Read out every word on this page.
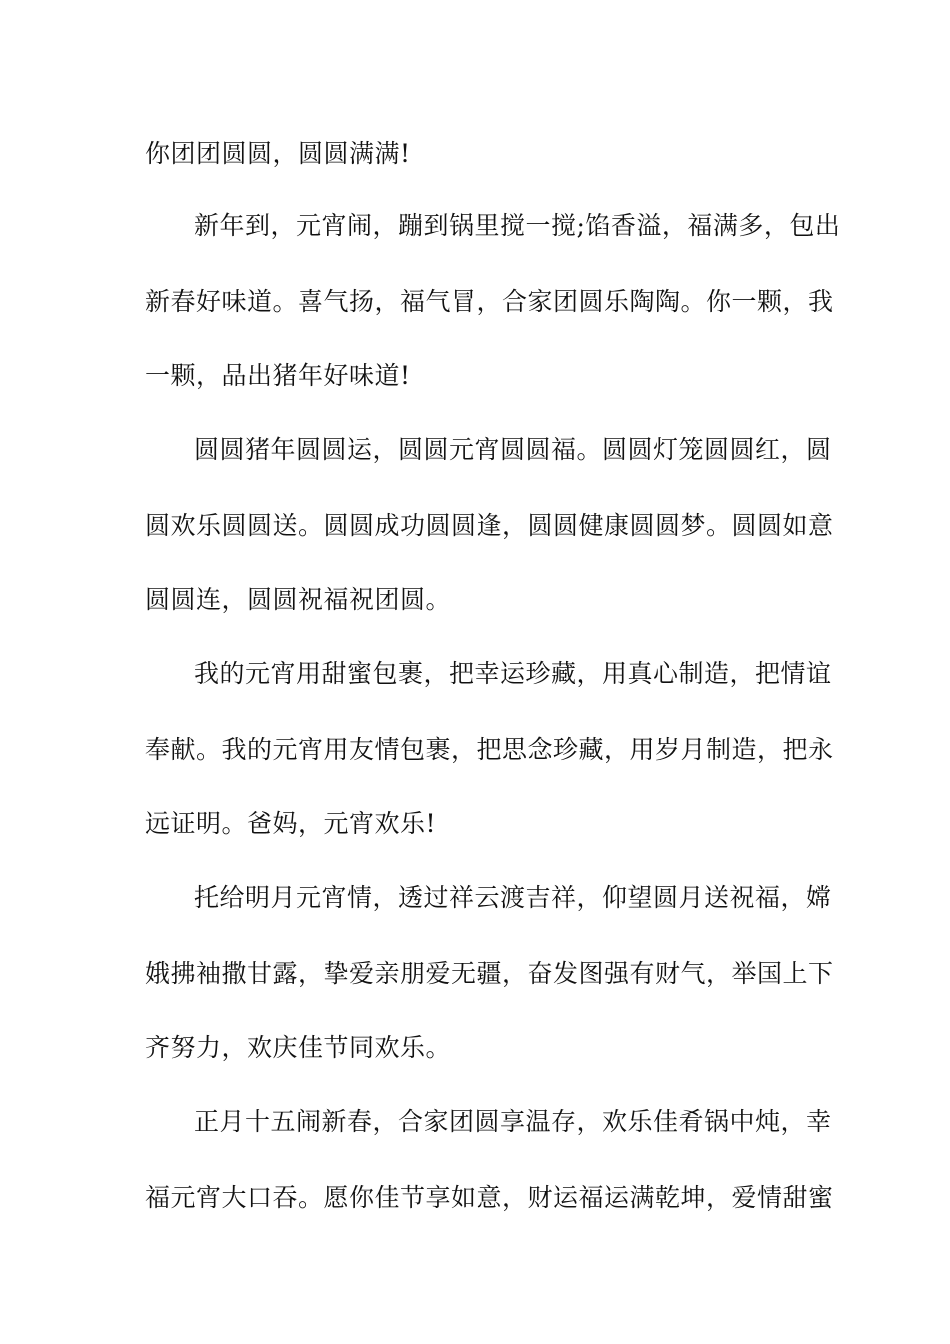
你团团圆圆，圆圆满满!
新年到，元宵闹，蹦到锅里搅一搅;馅香溢，福满多，包出
新春好味道。喜气扬，福气冒，合家团圆乐陶陶。你一颗，我
一颗，品出猪年好味道!
圆圆猪年圆圆运，圆圆元宵圆圆福。圆圆灯笼圆圆红，圆
圆欢乐圆圆送。圆圆成功圆圆逢，圆圆健康圆圆梦。圆圆如意
圆圆连，圆圆祝福祝团圆。
我的元宵用甜蜜包裹，把幸运珍藏，用真心制造，把情谊
奉献。我的元宵用友情包裹，把思念珍藏，用岁月制造，把永
远证明。爸妈，元宵欢乐!
托给明月元宵情，透过祥云渡吉祥，仰望圆月送祝福，嫦
娥拂袖撒甘露，挚爱亲朋爱无疆，奋发图强有财气，举国上下
齐努力，欢庆佳节同欢乐。
正月十五闹新春，合家团圆享温存，欢乐佳肴锅中炖，幸
福元宵大口吞。愿你佳节享如意，财运福运满乾坤，爱情甜蜜
